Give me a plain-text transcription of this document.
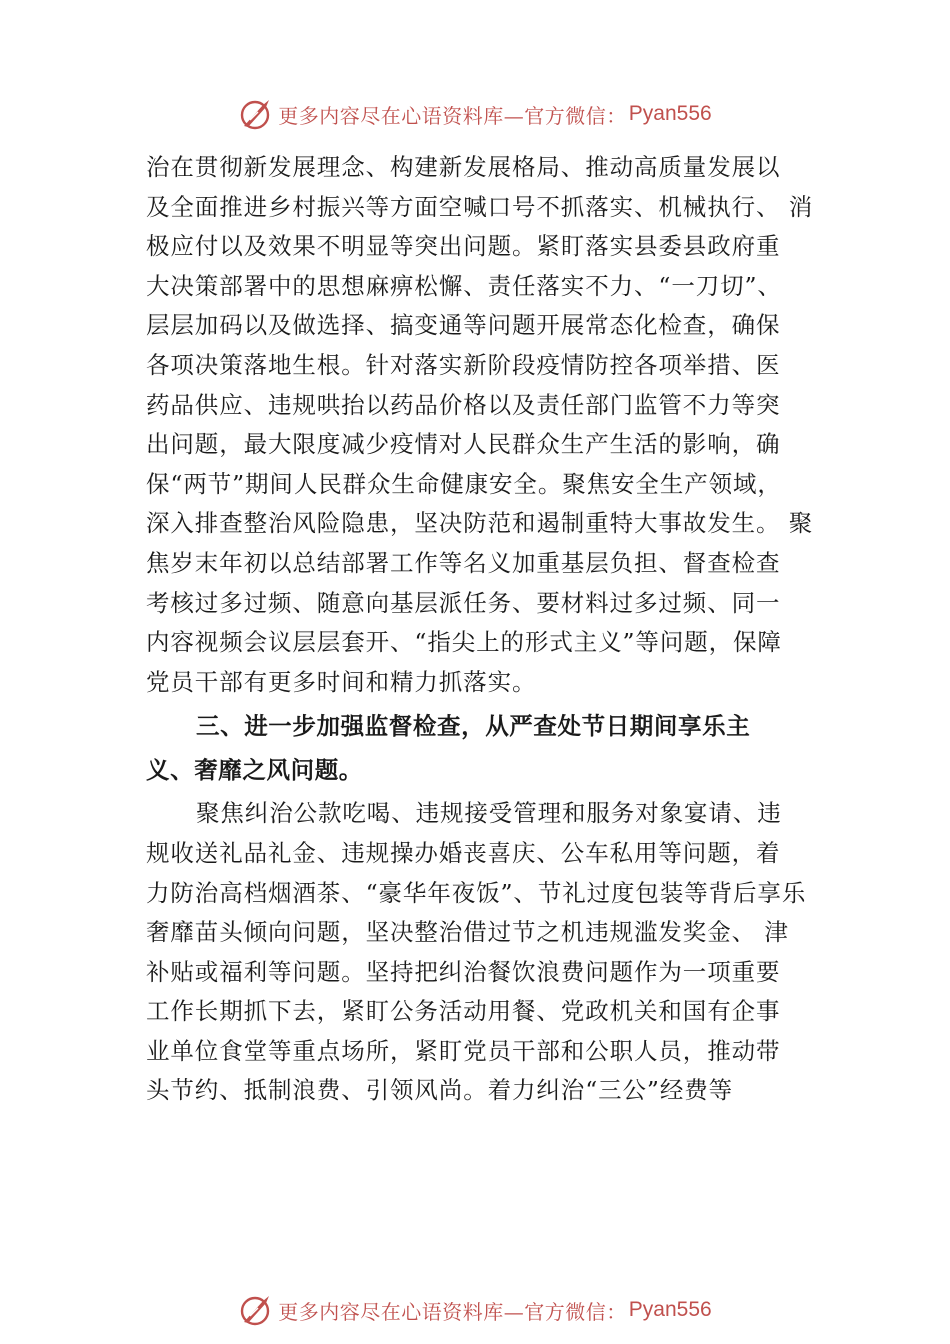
更多内容尽在心语资料库—官方微信： Pyan556
治在贯彻新发展理念、构建新发展格局、推动高质量发展以
及全面推进乡村振兴等方面空喊口号不抓落实、机械执行、 消
极应付以及效果不明显等突出问题。紧盯落实县委县政府重
大决策部署中的思想麻痹松懈、责任落实不力、“一刀切”、
层层加码以及做选择、搞变通等问题开展常态化检查，确保
各项决策落地生根。针对落实新阶段疫情防控各项举措、医
药品供应、违规哄抬以药品价格以及责任部门监管不力等突
出问题，最大限度减少疫情对人民群众生产生活的影响，确
保“两节”期间人民群众生命健康安全。聚焦安全生产领域，
深入排查整治风险隐患，坚决防范和遏制重特大事故发生。 聚
焦岁末年初以总结部署工作等名义加重基层负担、督查检查
考核过多过频、随意向基层派任务、要材料过多过频、同一
内容视频会议层层套开、“指尖上的形式主义”等问题，保障
党员干部有更多时间和精力抓落实。
三、进一步加强监督检查，从严查处节日期间享乐主
义、奢靡之风问题。
聚焦纠治公款吃喝、违规接受管理和服务对象宴请、违
规收送礼品礼金、违规操办婚丧喜庆、公车私用等问题，着
力防治高档烟酒茶、“豪华年夜饭”、节礼过度包装等背后享乐
奢靡苗头倾向问题，坚决整治借过节之机违规滥发奖金、 津
补贴或福利等问题。坚持把纠治餐饮浪费问题作为一项重要
工作长期抓下去，紧盯公务活动用餐、党政机关和国有企事
业单位食堂等重点场所，紧盯党员干部和公职人员，推动带
头节约、抵制浪费、引领风尚。着力纠治“三公”经费等
更多内容尽在心语资料库—官方微信： Pyan556
